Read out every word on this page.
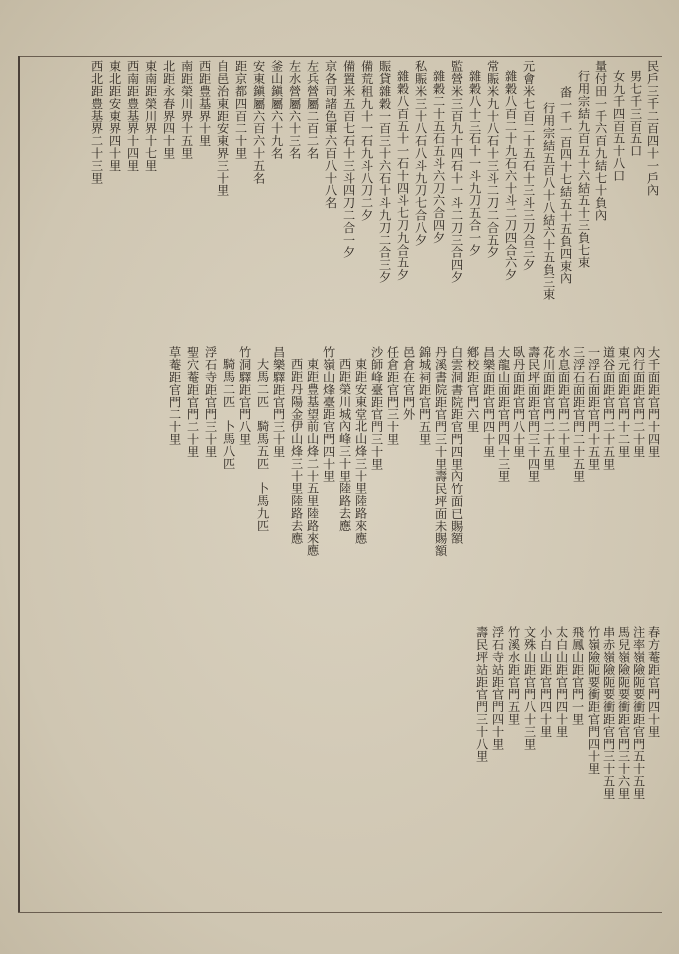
民戶三千二百四十一戶內
男七千三百五口
女九千四百五十八口
量付田一千六百九結七十負內
行用宗結九百五十六結五十三負七束
畓一千一百四十七結五十五負四束內
行用宗結五百八十八結六十五負三束
元會米七百二十五石十三斗三刀合三夕
雜穀八百二十九石六十斗二刀四合六夕
常賑米九十八石十三斗二刀二合五夕
雜穀八十三石十一斗九刀五合一夕
監營米三百九十四石十一斗二刀三合四夕
雜穀二十五石五斗六刀六合四夕
私賑米三十八石八斗九刀七合八夕
雜穀八百五十一石十四斗七刀九合五夕
賑貸雜穀一百三十六石十斗九刀二合三夕
備荒租九十一石九斗八刀二夕
備置米五百七石十三斗四刀二合一夕
京各司諸色軍六百八十八名
左兵營屬二百二名
左水營屬六十三名
釜山鎭屬六十九名
安東鎭屬六百六十五名
距京都四百二十里
自邑治東距安東界三十里
西距豊基界十里
南距榮川界十五里
北距永春界四十里
東南距榮川界十七里
西南距豊基界十四里
東北距安東界四十里
西北距豊基界二十三里
大千面距官門十四里
內行面距官門二十里
東元面距官門十二里
道谷面距官門二十五里
一浮石面距官門十五里
三浮石面距官門二十五里
水息面距官門二十里
花川面距官門二十五里
壽民坪面距官門三十四里
臥丹面距官門八十里
大龍山面距官門四十三里
昌樂面距官門四十里
鄕校距官門六里
白雲洞書院距官門四里內竹面已賜額
丹溪書院距官門三十里壽民坪面未賜額
錦城祠距官門五里
邑倉在官門外
任倉距官門三十里
沙師峰臺距官門三十里
東距安東堂北山烽三十里陸路來應
西距榮川城內峰三十里陸路去應
竹嶺山烽臺距官門四十里
東距豊基望前山烽二十五里陸路來應
西距丹陽金伊山烽三十里陸路去應
昌樂驛距官門三十里
大馬二匹　騎馬五匹　卜馬九匹
竹洞驛距官門八里
騎馬二匹　卜馬八匹
浮石寺距官門三十里
聖穴菴距官門二十里
草菴距官門二十里
春方菴距官門四十里
注率嶺險阨要衝距官門五十五里
馬兒嶺險阨要衝距官門三十六里
串赤嶺險阨要衝距官門三十五里
竹嶺險阨要衝距官門四十里
飛鳳山距官門一里
太白山距官門四十里
小白山距官門四十里
文殊山距官門八十三里
竹溪水距官門五里
浮石寺站距官門四十里
壽民坪站距官門三十八里
